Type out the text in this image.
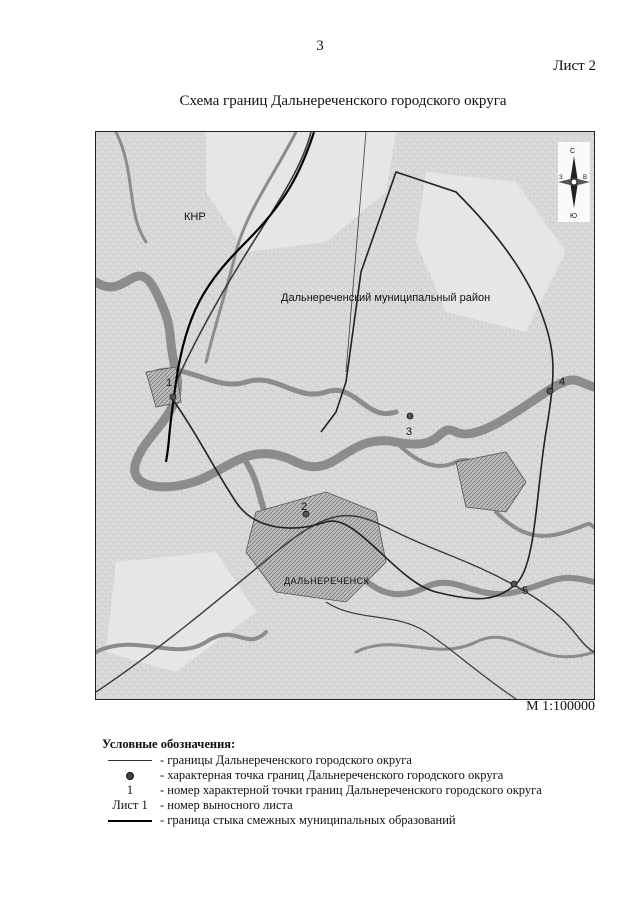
3
Лист 2
Схема границ Дальнереченского городского округа
1
2
3
4
5
КНР
Дальнереченский муниципальный район
ДАЛЬНЕРЕЧЕНСК
С
Ю
З	В
М 1:100000
Условные обозначения:
- границы Дальнереченского городского округа
- характерная точка границ Дальнереченского городского округа
1	- номер характерной точки границ Дальнереченского городского округа
Лист 1 - номер выносного листа
- граница стыка смежных муниципальных образований
